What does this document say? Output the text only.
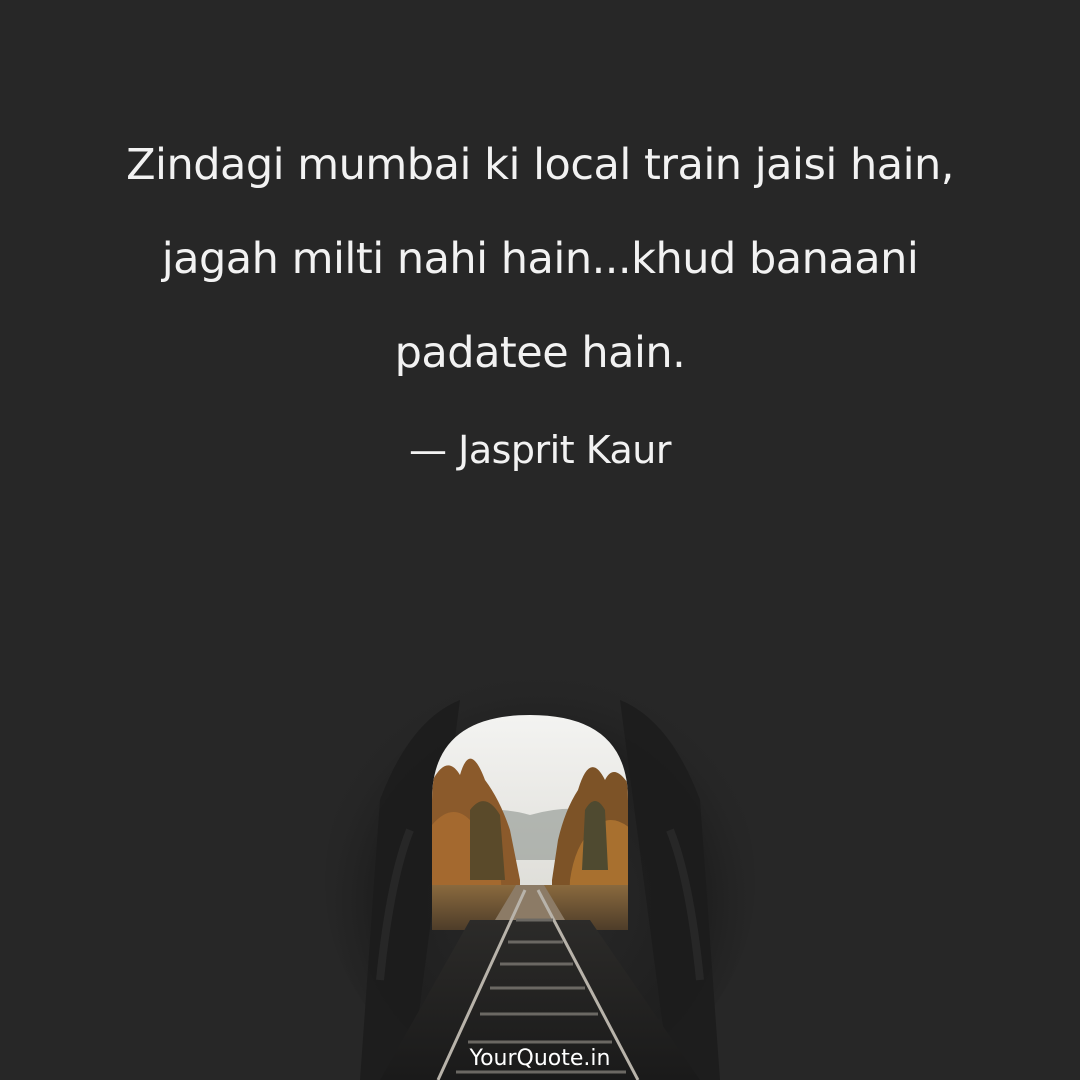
Zindagi mumbai ki local train jaisi hain,
jagah milti nahi hain...khud banaani
padatee hain.

— Jasprit Kaur
YourQuote.in
